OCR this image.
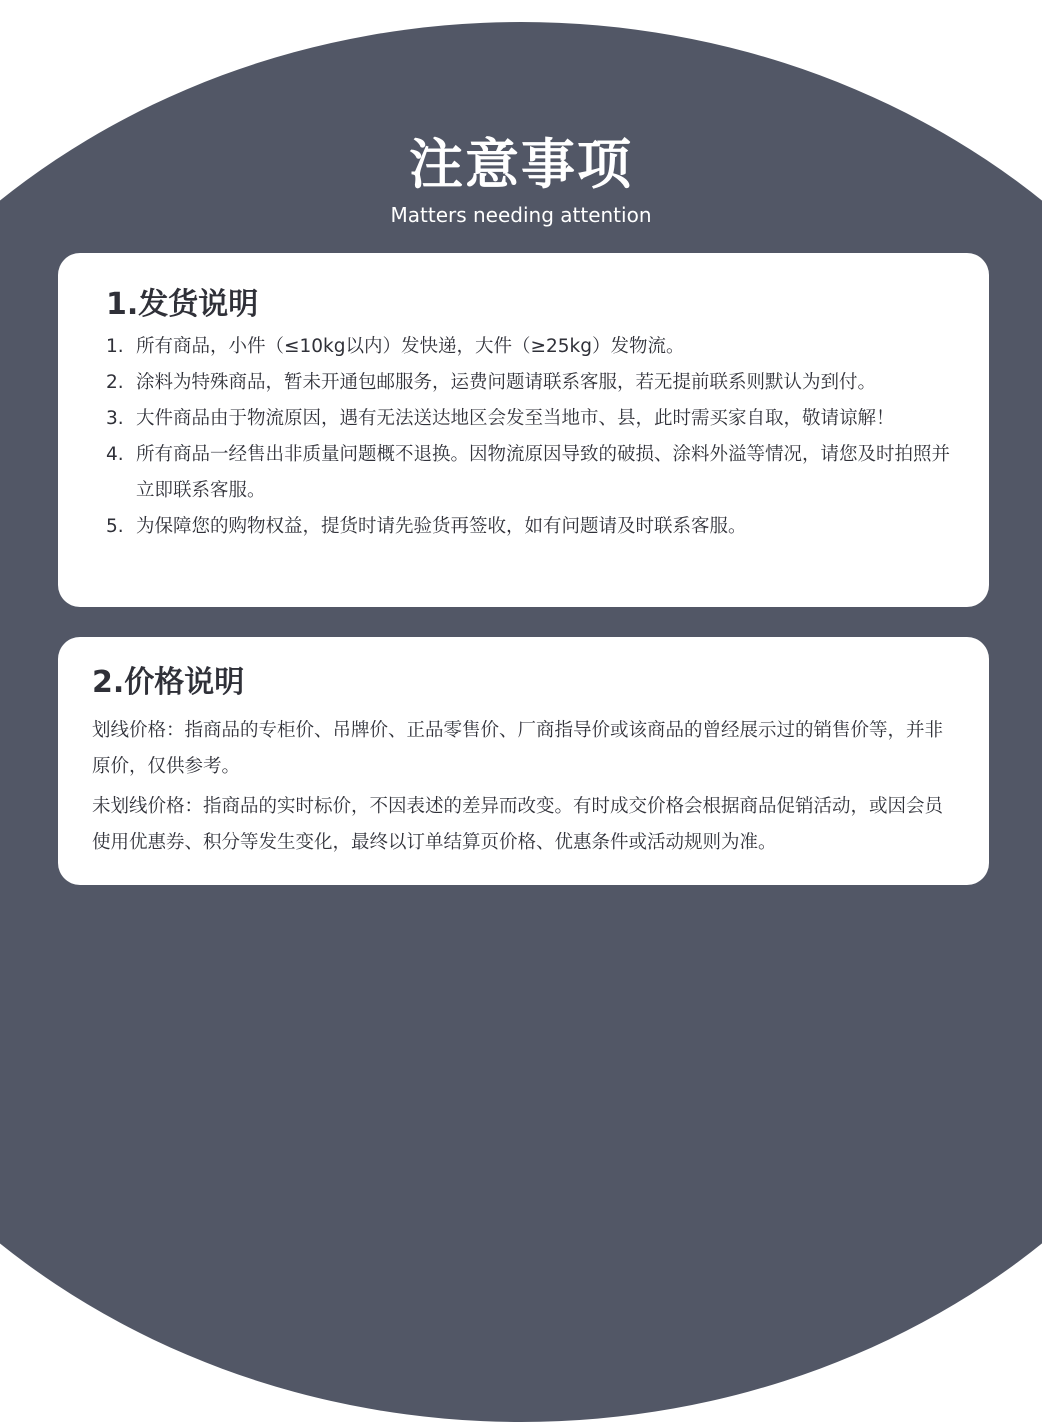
注意事项
Matters needing attention
1.发货说明
1. 所有商品，小件（≤10kg以内）发快递，大件（≥25kg）发物流。
2. 涂料为特殊商品，暂未开通包邮服务，运费问题请联系客服，若无提前联系则默认为到付。
3. 大件商品由于物流原因，遇有无法送达地区会发至当地市、县，此时需买家自取，敬请谅解！
4. 所有商品一经售出非质量问题概不退换。因物流原因导致的破损、涂料外溢等情况，请您及时拍照并立即联系客服。
5. 为保障您的购物权益，提货时请先验货再签收，如有问题请及时联系客服。
2.价格说明

划线价格：指商品的专柜价、吊牌价、正品零售价、厂商指导价或该商品的曾经展示过的销售价等，并非原价，仅供参考。

未划线价格：指商品的实时标价，不因表述的差异而改变。有时成交价格会根据商品促销活动，或因会员使用优惠券、积分等发生变化，最终以订单结算页价格、优惠条件或活动规则为准。
